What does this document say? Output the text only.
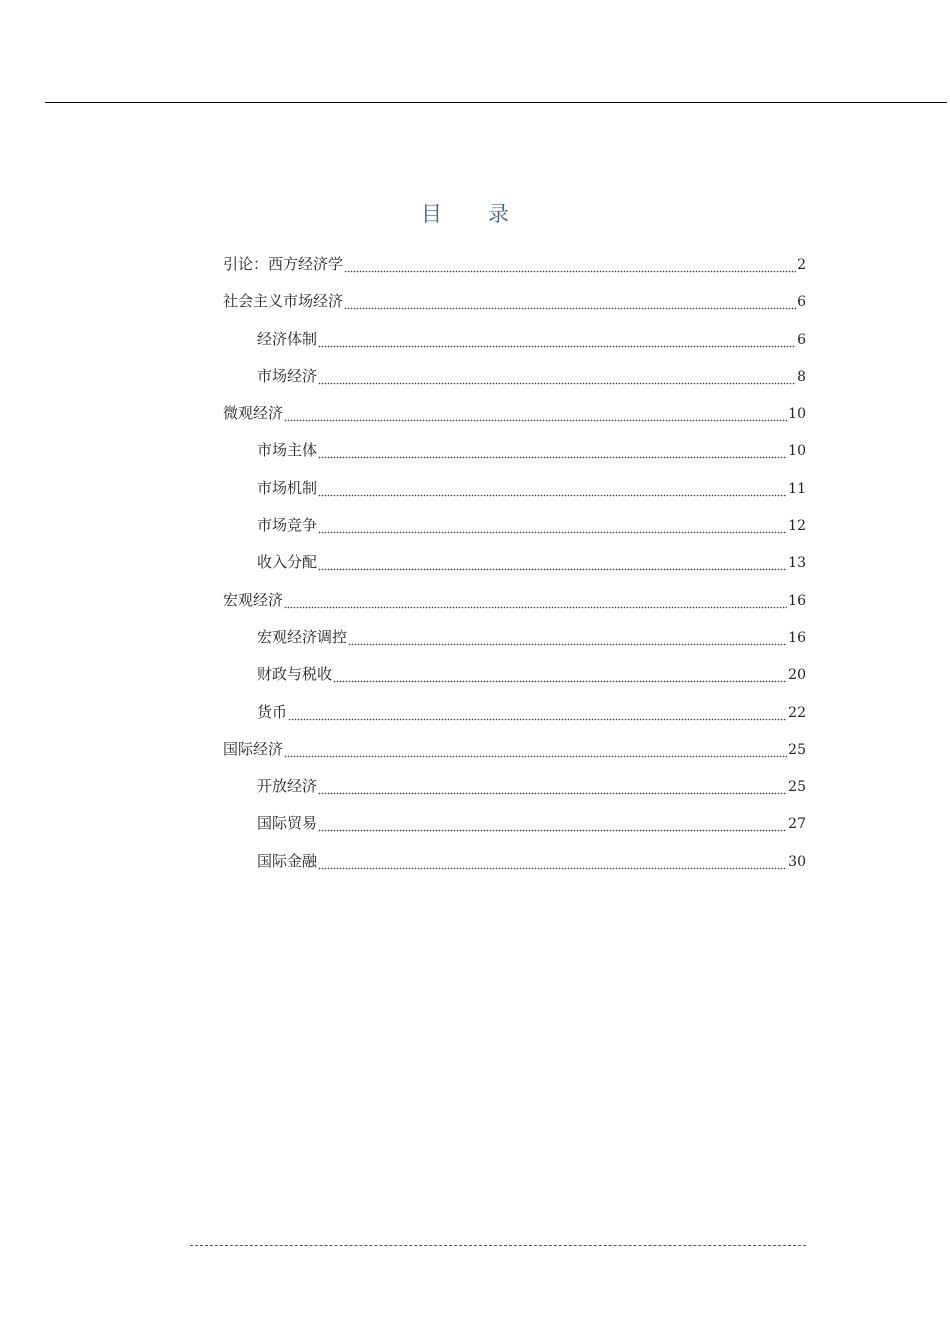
目录
引论：西方经济学	2
社会主义市场经济	6
经济体制	6
市场经济	8
微观经济	10
市场主体	10
市场机制	11
市场竞争	12
收入分配	13
宏观经济	16
宏观经济调控	16
财政与税收	20
货币	22
国际经济	25
开放经济	25
国际贸易	27
国际金融	30
